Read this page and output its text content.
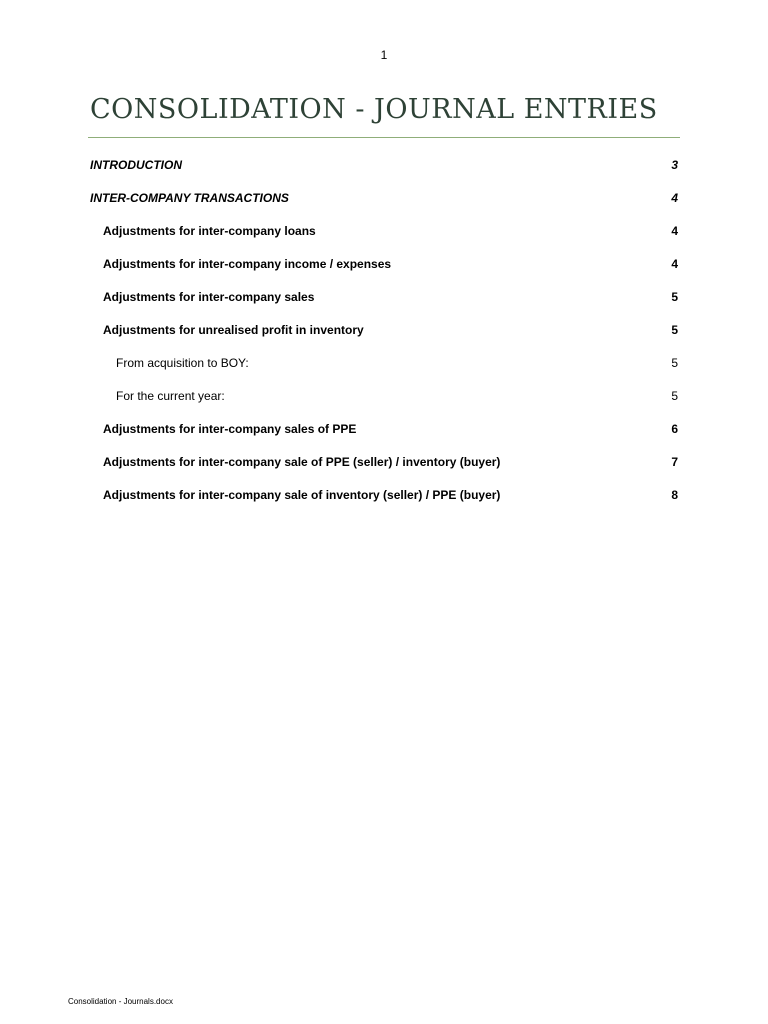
1
CONSOLIDATION - JOURNAL ENTRIES
INTRODUCTION	3
INTER-COMPANY TRANSACTIONS	4
Adjustments for inter-company loans	4
Adjustments for inter-company income / expenses	4
Adjustments for inter-company sales	5
Adjustments for unrealised profit in inventory	5
From acquisition to BOY:	5
For the current year:	5
Adjustments for inter-company sales of PPE	6
Adjustments for inter-company sale of PPE (seller) / inventory (buyer)	7
Adjustments for inter-company sale of inventory (seller) / PPE (buyer)	8
Consolidation - Journals.docx
